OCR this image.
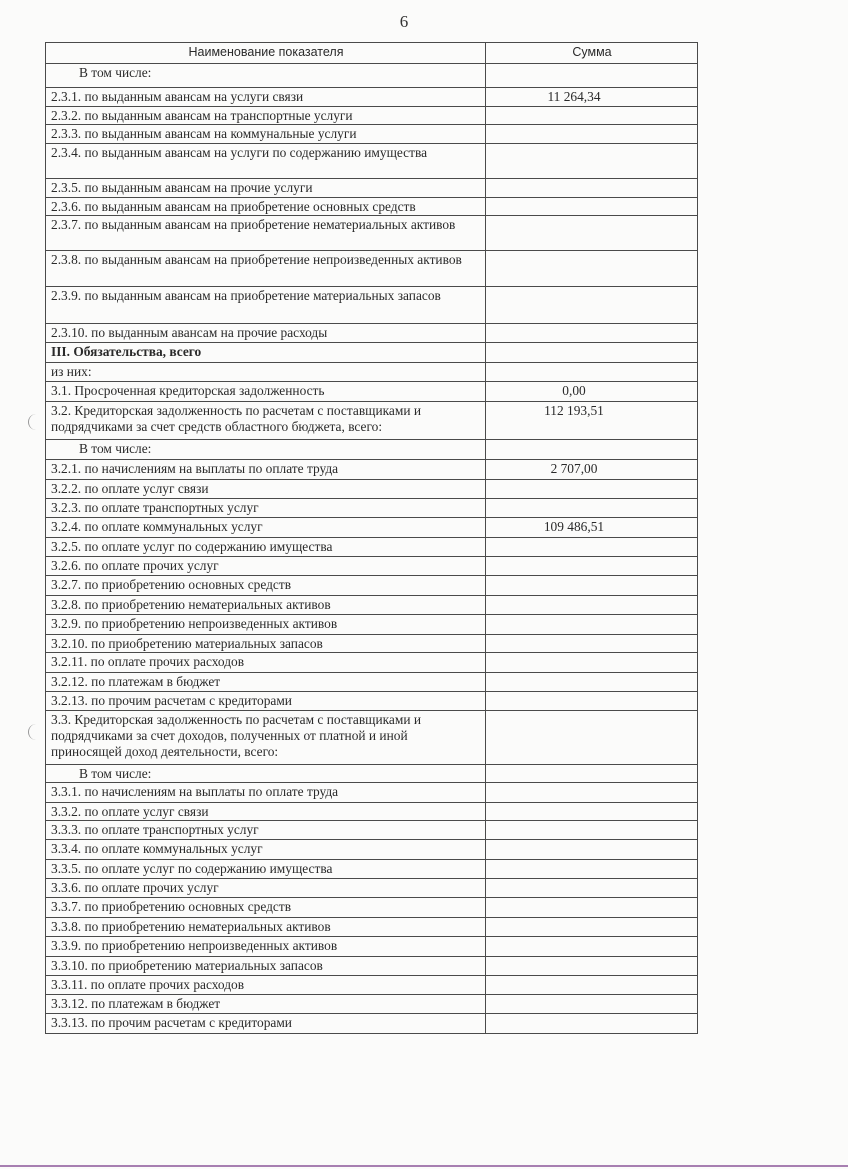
6
Наименование показателя	Сумма
В том числе:	
2.3.1. по выданным авансам на услуги связи	11 264,34
2.3.2. по выданным авансам на транспортные услуги	
2.3.3. по выданным авансам на коммунальные услуги	
2.3.4. по выданным авансам на услуги по содержанию имущества	
2.3.5. по выданным авансам на прочие услуги	
2.3.6. по выданным авансам на приобретение основных средств	
2.3.7. по выданным авансам на приобретение нематериальных активов	
2.3.8. по выданным авансам на приобретение непроизведенных активов	
2.3.9. по выданным авансам на приобретение материальных запасов	
2.3.10. по выданным авансам на прочие расходы	
III. Обязательства, всего	
из них:	
3.1. Просроченная кредиторская задолженность	0,00
3.2. Кредиторская задолженность по расчетам с поставщиками и подрядчиками за счет средств областного бюджета, всего:	112 193,51
В том числе:	
3.2.1. по начислениям на выплаты по оплате труда	2 707,00
3.2.2. по оплате услуг связи	
3.2.3. по оплате транспортных услуг	
3.2.4. по оплате коммунальных услуг	109 486,51
3.2.5. по оплате услуг по содержанию имущества	
3.2.6. по оплате прочих услуг	
3.2.7. по приобретению основных средств	
3.2.8. по приобретению нематериальных активов	
3.2.9. по приобретению непроизведенных активов	
3.2.10. по приобретению материальных запасов	
3.2.11. по оплате прочих расходов	
3.2.12. по платежам в бюджет	
3.2.13. по прочим расчетам с кредиторами	
3.3. Кредиторская задолженность по расчетам с поставщиками и подрядчиками за счет доходов, полученных от платной и иной приносящей доход деятельности, всего:	
В том числе:	
3.3.1. по начислениям на выплаты по оплате труда	
3.3.2. по оплате услуг связи	
3.3.3. по оплате транспортных услуг	
3.3.4. по оплате коммунальных услуг	
3.3.5. по оплате услуг по содержанию имущества	
3.3.6. по оплате прочих услуг	
3.3.7. по приобретению основных средств	
3.3.8. по приобретению нематериальных активов	
3.3.9. по приобретению непроизведенных активов	
3.3.10. по приобретению материальных запасов	
3.3.11. по оплате прочих расходов	
3.3.12. по платежам в бюджет	
3.3.13. по прочим расчетам с кредиторами	
